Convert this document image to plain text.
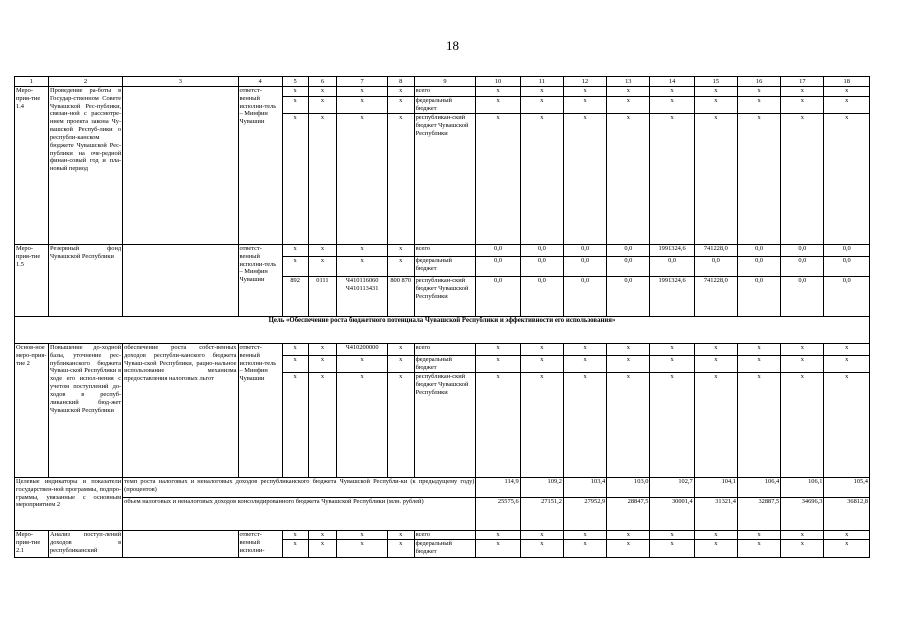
18
1	2	3	4	5	6	7	8	9	10	11	12	13	14	15	16	17	18
Меро-прия-тие 1.4	Проведение ра-боты в Государ-ственном Совете Чувашской Рес-публики, связан-ной с рассмотре-нием проекта закона Чу-вашской Респуб-лики о республи-канском бюджете Чувашской Рес-публики на оче-редной финан-совый год и пла-новый период		ответст-венный исполни-тель – Минфин Чувашии	x	x	x	x	всего	x	x	x	x	x	x	x	x	x
				x	x	x	x	федеральный бюджет	x	x	x	x	x	x	x	x	x
				x	x	x	x	республикан-ский бюджет Чувашской Республики	x	x	x	x	x	x	x	x	x
Меро-прия-тие 1.5	Резервный фонд Чувашской Республики		ответст-венный исполни-тель – Минфин Чувашии	x	x	x	x	всего	0,0	0,0	0,0	0,0	1991324,6	741228,0	0,0	0,0	0,0
				x	x	x	x	федеральный бюджет	0,0	0,0	0,0	0,0	0,0	0,0	0,0	0,0	0,0
				892	0111	Ч410116060 Ч410113431	800 870	республикан-ский бюджет Чувашской Республики	0,0	0,0	0,0	0,0	1991324,6	741228,0	0,0	0,0	0,0
Цель «Обеспечение роста бюджетного потенциала Чувашской Республики и эффективности его использования»																	
Основ-ное меро-прия-тие 2	Повышение до-ходной базы, уточнение рес-публиканского бюджета Чуваш-ской Республики в ходе его испол-нения с учетом поступлений до-ходов в респуб-ликанский бюд-жет Чувашской Республики	обеспечение роста собст-венных доходов республи-канского бюджета Чуваш-ской Республики, рацио-нальное использование механизма предоставления налоговых льгот	ответст-венный исполни-тель – Минфин Чувашии	x	x	Ч410200000	x	всего	x	x	x	x	x	x	x	x	x
				x	x	x	x	федеральный бюджет	x	x	x	x	x	x	x	x	x
				x	x	x	x	республикан-ский бюджет Чувашской Республики	x	x	x	x	x	x	x	x	x
Целевые индикаторы и показатели государствен-ной программы, подпро-граммы, увязанные с основным мероприятием 2		темп роста налоговых и неналоговых доходов республиканского бюджета Чувашской Республи-ки (к предыдущему году) (процентов)							114,9	109,2	103,4	103,0	102,7	104,1	106,4	106,1	105,4
		объем налоговых и неналоговых доходов консолидированного бюджета Чувашской Республики (млн. рублей)							25575,6	27151,2	27952,9	28847,5	30001,4	31321,4	32887,5	34696,3	36812,8
Меро-прия-тие 2.1	Анализ поступ-лений доходов в республиканский		ответст-венный исполни-	x	x	x	x	всего	x	x	x	x	x	x	x	x	x
				x	x	x	x	федеральный бюджет	x	x	x	x	x	x	x	x	x
